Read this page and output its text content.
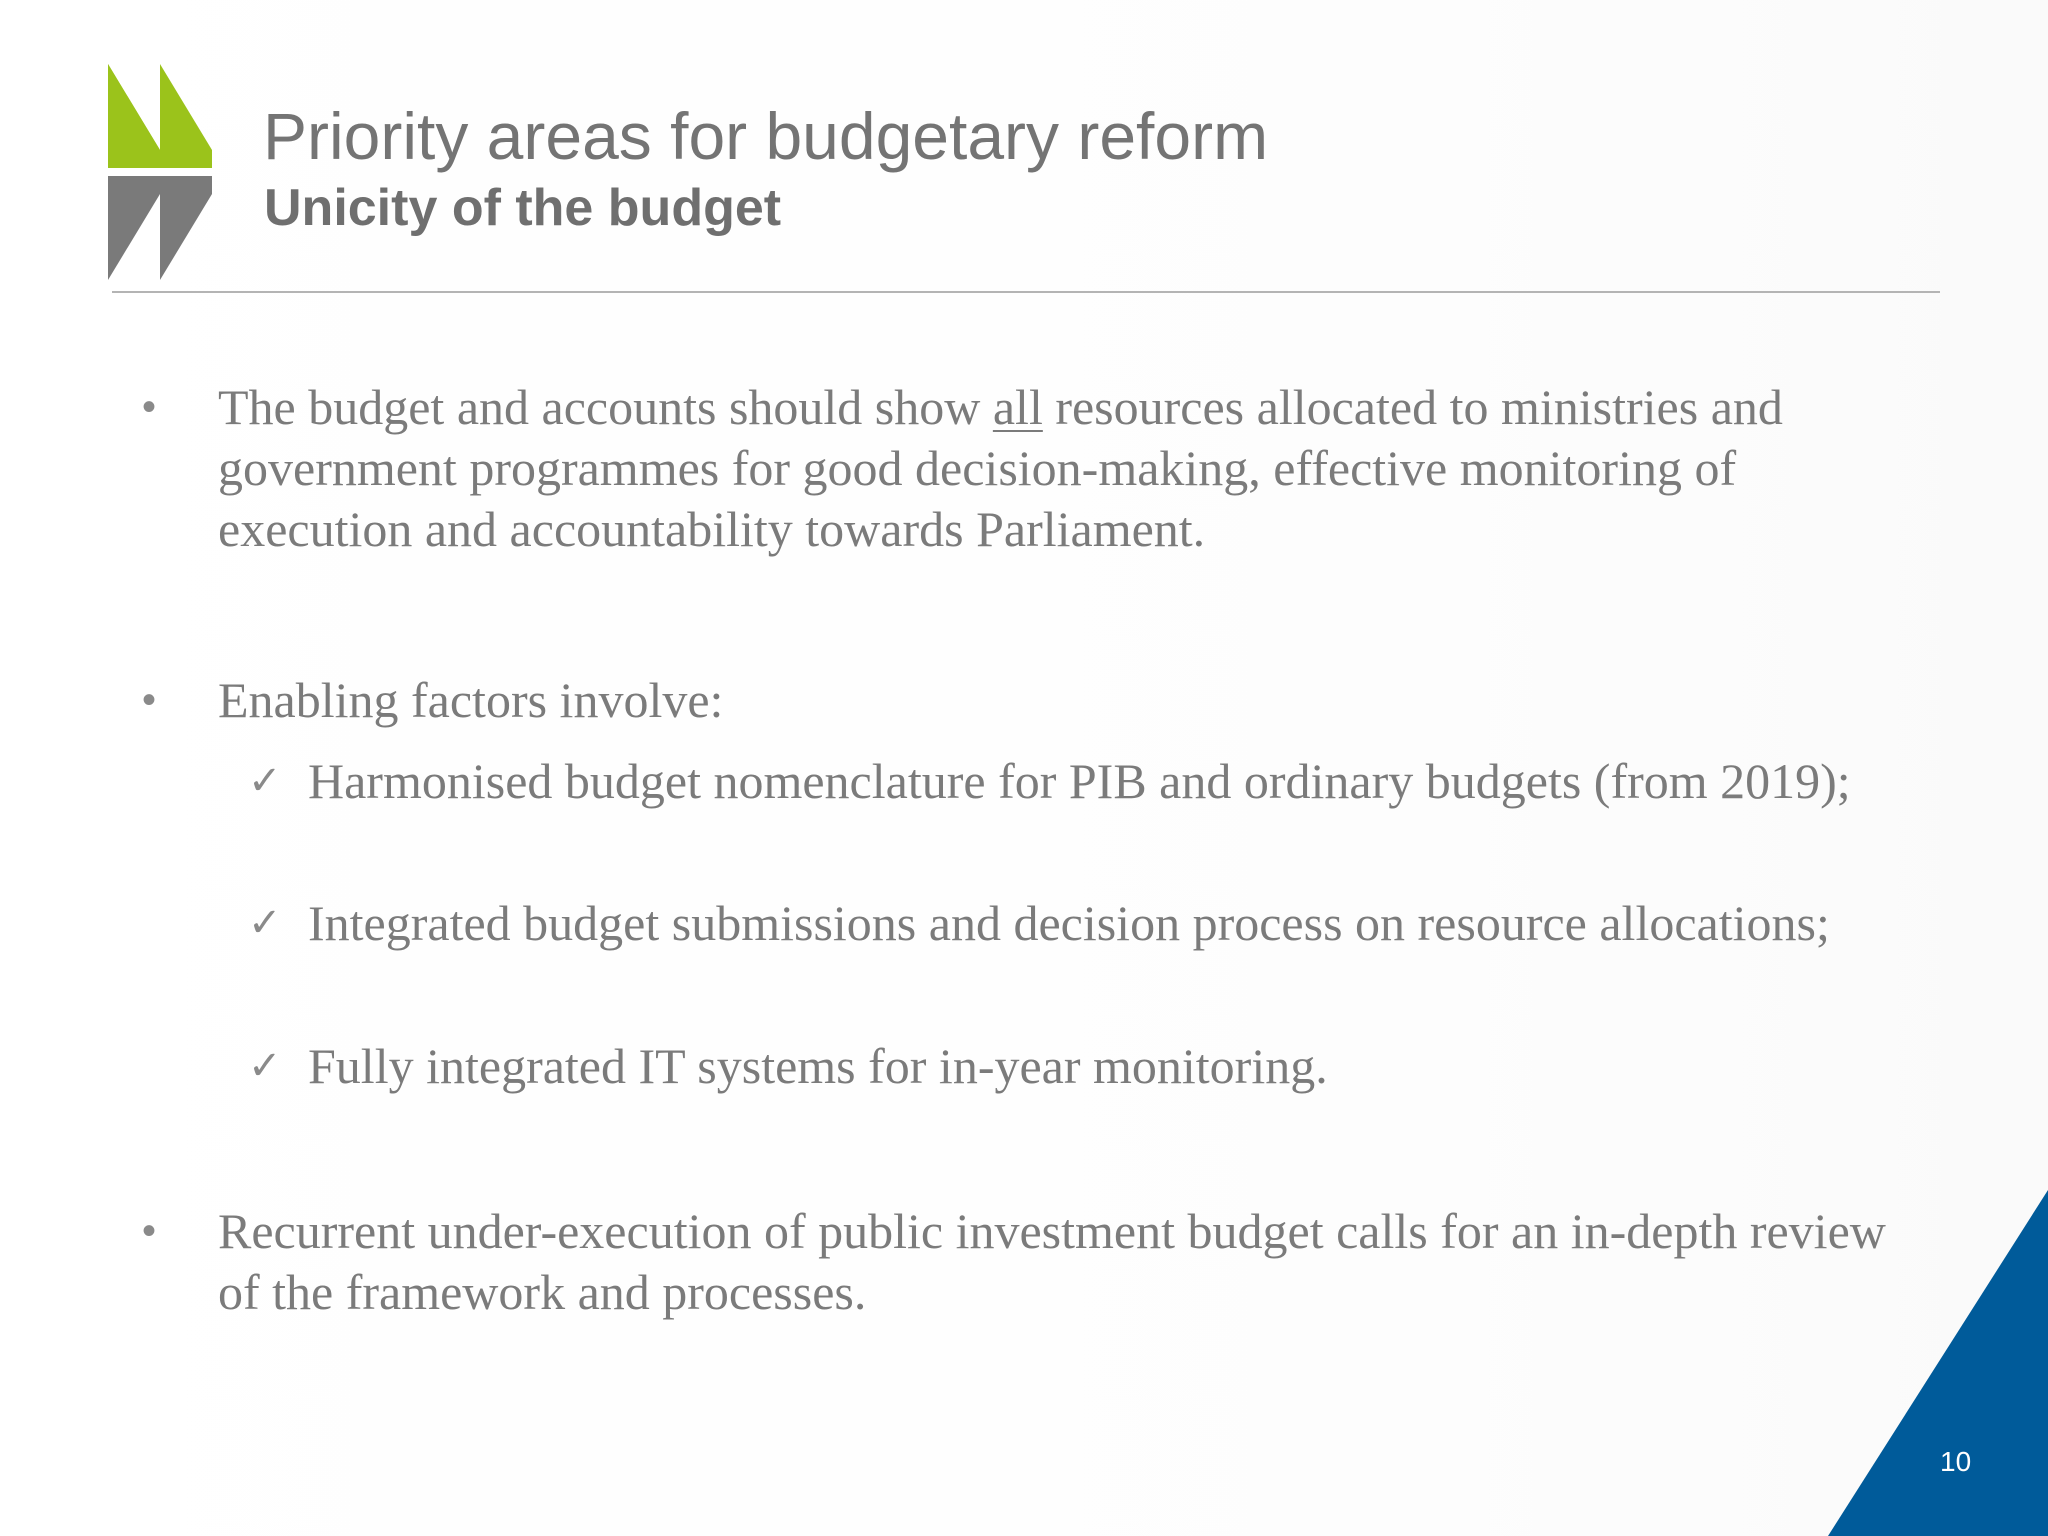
Priority areas for budgetary reform
Unicity of the budget
• The budget and accounts should show all resources allocated to ministries and government programmes for good decision-making, effective monitoring of execution and accountability towards Parliament.
• Enabling factors involve:
✓ Harmonised budget nomenclature for PIB and ordinary budgets (from 2019);
✓ Integrated budget submissions and decision process on resource allocations;
✓ Fully integrated IT systems for in-year monitoring.
• Recurrent under-execution of public investment budget calls for an in-depth review of the framework and processes.
10
